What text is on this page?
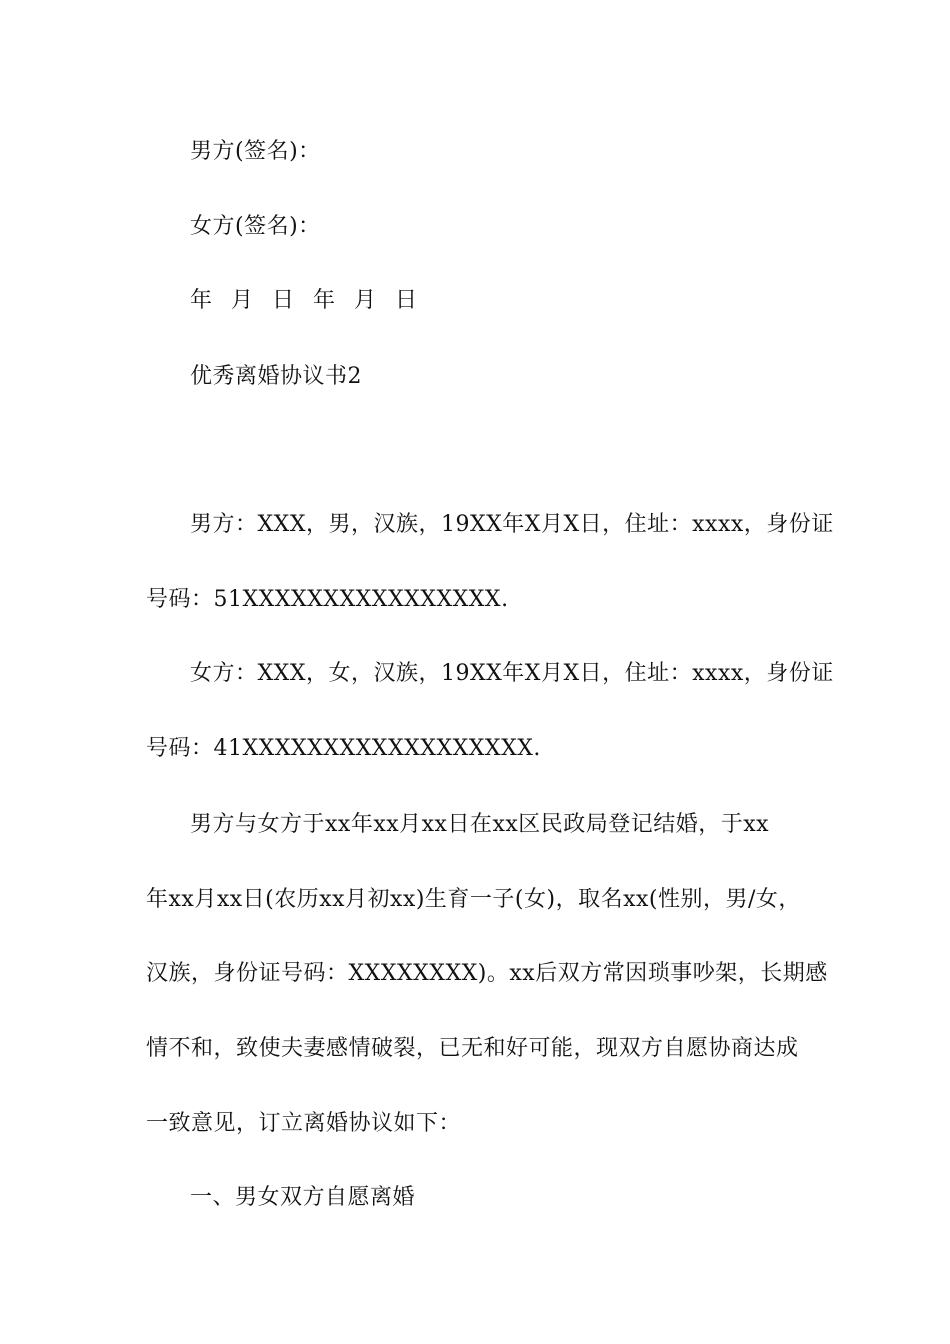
男方(签名)：
女方(签名)：
年 月 日 年 月 日
优秀离婚协议书2
男方：XXX，男，汉族，19XX年X月X日，住址：xxxx，身份证
号码：51XXXXXXXXXXXXXXXX.
女方：XXX，女，汉族，19XX年X月X日，住址：xxxx，身份证
号码：41XXXXXXXXXXXXXXXXXX.
男方与女方于xx年xx月xx日在xx区民政局登记结婚，于xx
年xx月xx日(农历xx月初xx)生育一子(女)，取名xx(性别，男/女，
汉族，身份证号码：XXXXXXXX)。xx后双方常因琐事吵架，长期感
情不和，致使夫妻感情破裂，已无和好可能，现双方自愿协商达成
一致意见，订立离婚协议如下：
一、男女双方自愿离婚
